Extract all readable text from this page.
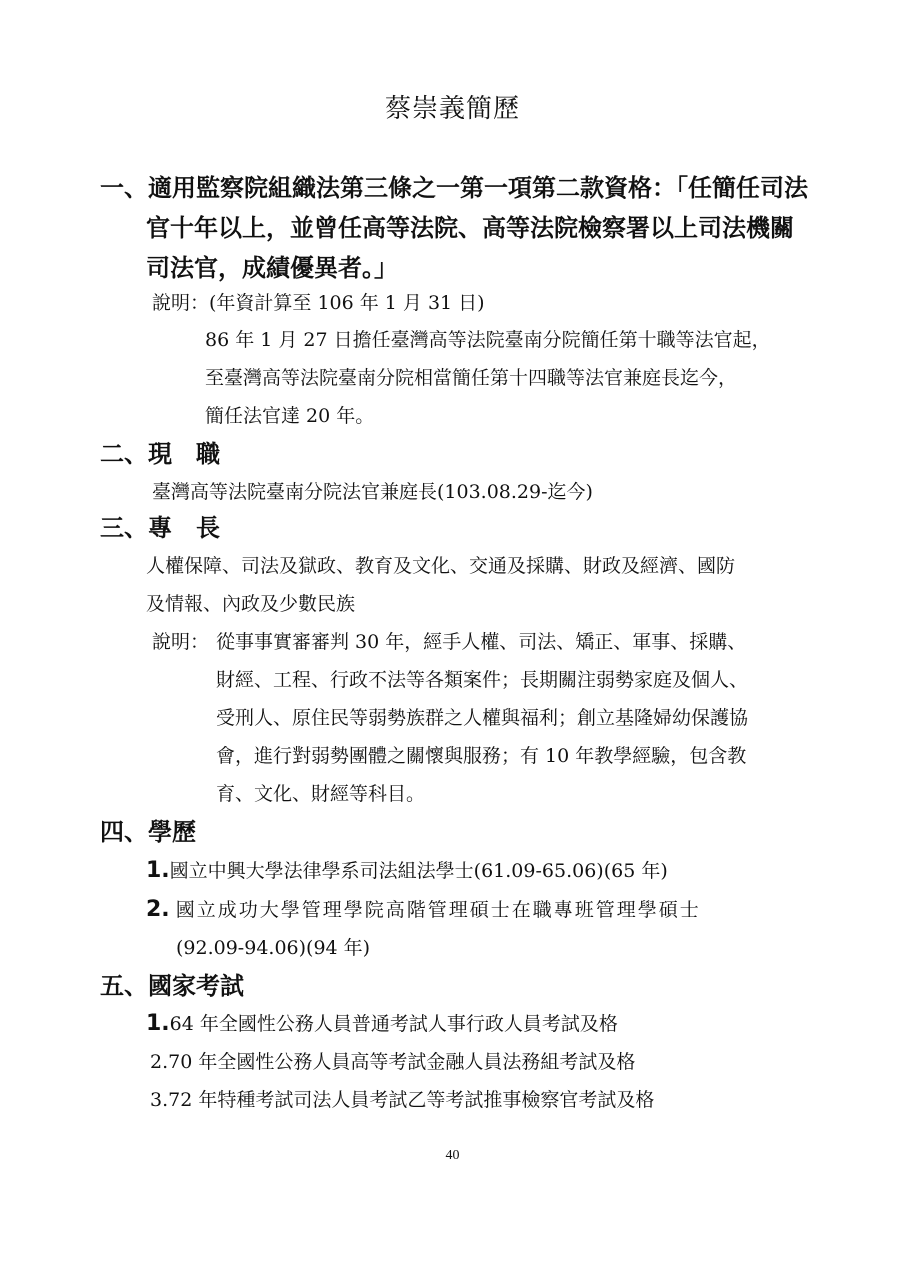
蔡崇義簡歷
一、適用監察院組織法第三條之一第一項第二款資格：「任簡任司法
官十年以上，並曾任高等法院、高等法院檢察署以上司法機關
司法官，成績優異者。」
說明：(年資計算至 106 年 1 月 31 日)
86 年 1 月 27 日擔任臺灣高等法院臺南分院簡任第十職等法官起，
至臺灣高等法院臺南分院相當簡任第十四職等法官兼庭長迄今，
簡任法官達 20 年。
二、現　職
臺灣高等法院臺南分院法官兼庭長(103.08.29-迄今)
三、專　長
人權保障、司法及獄政、教育及文化、交通及採購、財政及經濟、國防
及情報、內政及少數民族
說明： 從事事實審審判 30 年，經手人權、司法、矯正、軍事、採購、
財經、工程、行政不法等各類案件；長期關注弱勢家庭及個人、
受刑人、原住民等弱勢族群之人權與福利；創立基隆婦幼保護協
會，進行對弱勢團體之關懷與服務；有 10 年教學經驗，包含教
育、文化、財經等科目。
四、學歷
1.國立中興大學法律學系司法組法學士(61.09-65.06)(65 年)
2. 國立成功大學管理學院高階管理碩士在職專班管理學碩士
(92.09-94.06)(94 年)
五、國家考試
1.64 年全國性公務人員普通考試人事行政人員考試及格
2.70 年全國性公務人員高等考試金融人員法務組考試及格
3.72 年特種考試司法人員考試乙等考試推事檢察官考試及格
40
